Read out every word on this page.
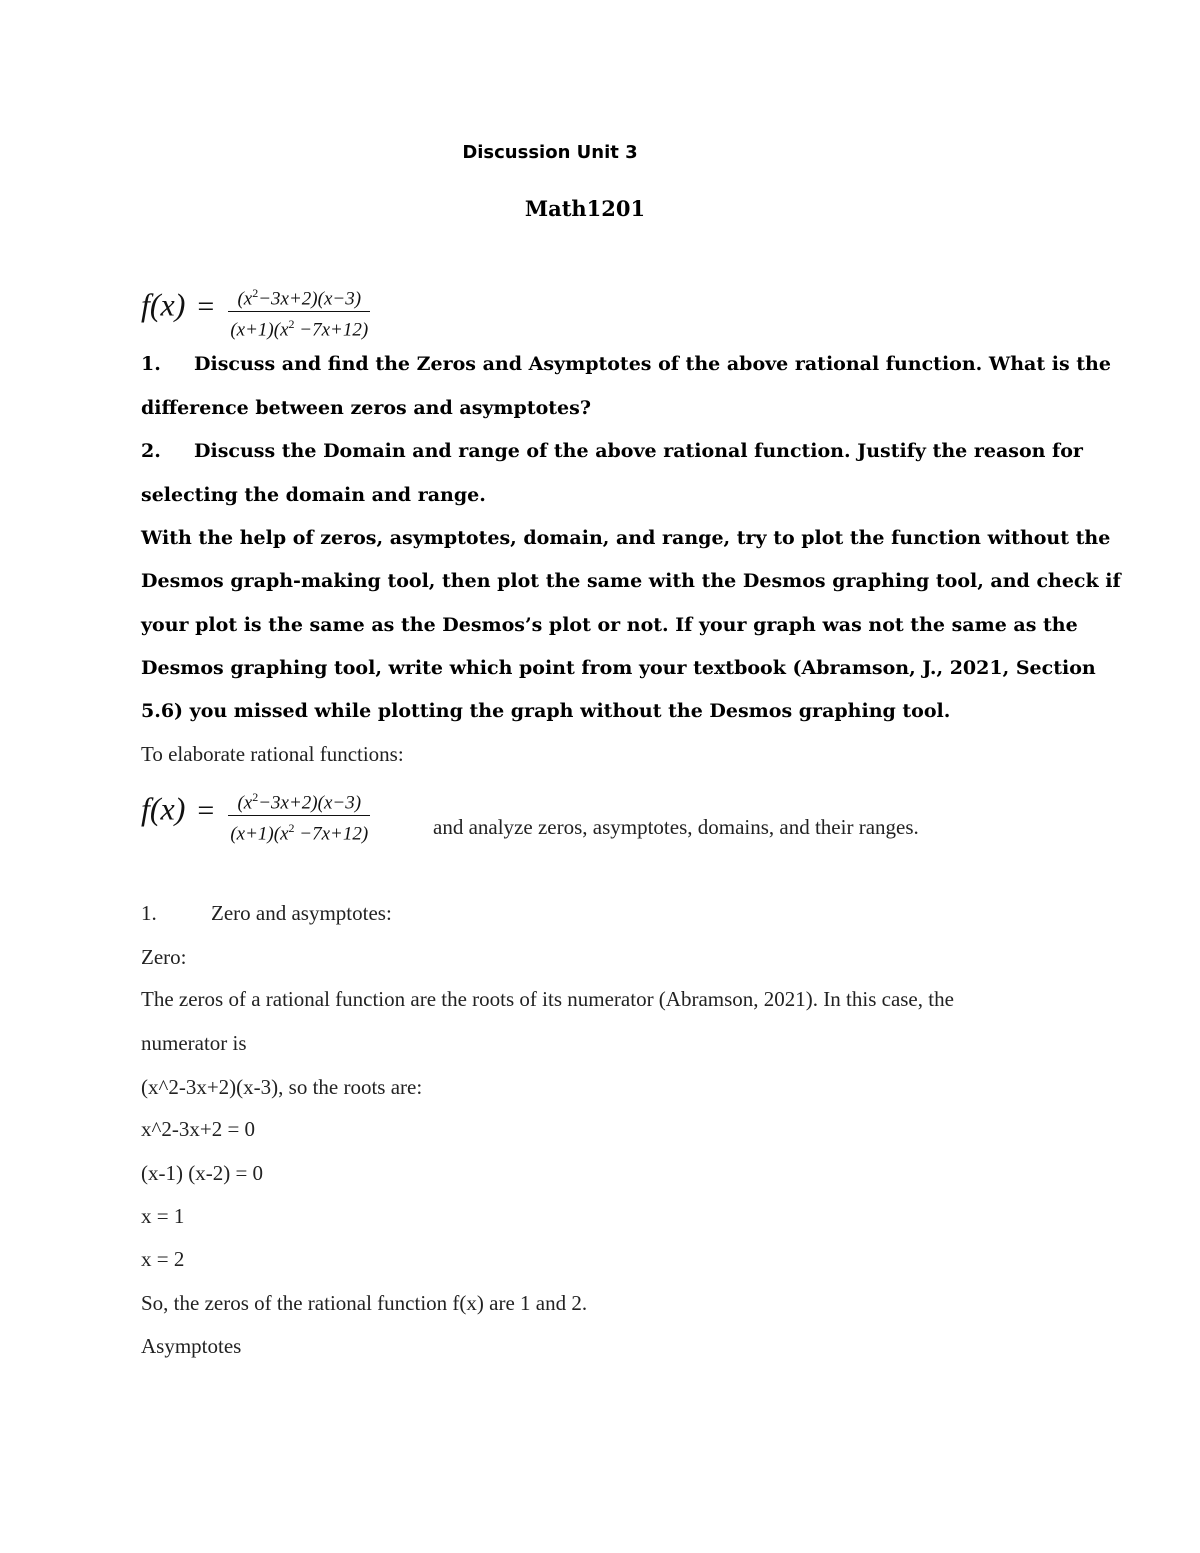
Discussion Unit 3
Math1201
$f(x) = \frac{(x^2-3x+2)(x-3)}{(x+1)(x^2 -7x+12)}$
1. Discuss and find the Zeros and Asymptotes of the above rational function. What is the
difference between zeros and asymptotes?
2. Discuss the Domain and range of the above rational function. Justify the reason for
selecting the domain and range.
With the help of zeros, asymptotes, domain, and range, try to plot the function without the
Desmos graph-making tool, then plot the same with the Desmos graphing tool, and check if
your plot is the same as the Desmos’s plot or not. If your graph was not the same as the
Desmos graphing tool, write which point from your textbook (Abramson, J., 2021, Section
5.6) you missed while plotting the graph without the Desmos graphing tool.
To elaborate rational functions:
$f(x) = \frac{(x^2-3x+2)(x-3)}{(x+1)(x^2 -7x+12)}$	and analyze zeros, asymptotes, domains, and their ranges.
1.	Zero and asymptotes:
Zero:
The zeros of a rational function are the roots of its numerator (Abramson, 2021). In this case, the
numerator is
(x^2-3x+2)(x-3), so the roots are:
x^2-3x+2 = 0
(x-1) (x-2) = 0
x = 1
x = 2
So, the zeros of the rational function f(x) are 1 and 2.
Asymptotes
